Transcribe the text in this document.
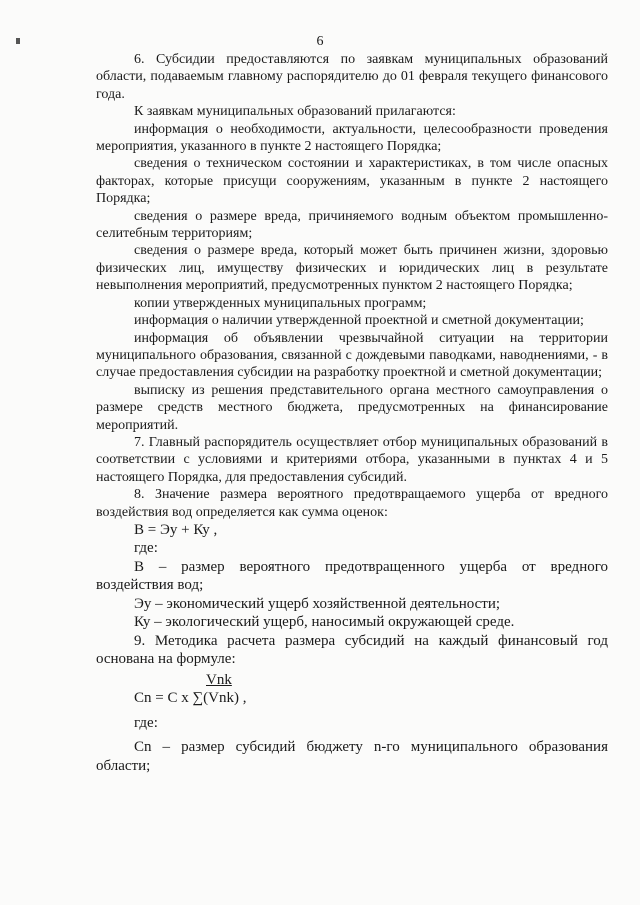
6

6. Субсидии предоставляются по заявкам муниципальных образований области, подаваемым главному распорядителю до 01 февраля текущего финансового года.

К заявкам муниципальных образований прилагаются:

информация о необходимости, актуальности, целесообразности проведения мероприятия, указанного в пункте 2 настоящего Порядка;

сведения о техническом состоянии и характеристиках, в том числе опасных факторах, которые присущи сооружениям, указанным в пункте 2 настоящего Порядка;

сведения о размере вреда, причиняемого водным объектом промышленно-селитебным территориям;

сведения о размере вреда, который может быть причинен жизни, здоровью физических лиц, имуществу физических и юридических лиц в результате невыполнения мероприятий, предусмотренных пунктом 2 настоящего Порядка;

копии утвержденных муниципальных программ;

информация о наличии утвержденной проектной и сметной документации;

информация об объявлении чрезвычайной ситуации на территории муниципального образования, связанной с дождевыми паводками, наводнениями, - в случае предоставления субсидии на разработку проектной и сметной документации;

выписку из решения представительного органа местного самоуправления о размере средств местного бюджета, предусмотренных на финансирование мероприятий.

7. Главный распорядитель осуществляет отбор муниципальных образований в соответствии с условиями и критериями отбора, указанными в пунктах 4 и 5 настоящего Порядка, для предоставления субсидий.

8. Значение размера вероятного предотвращаемого ущерба от вредного воздействия вод определяется как сумма оценок:

В = Эу + Ку ,

где:

В – размер вероятного предотвращенного ущерба от вредного воздействия вод;

Эу – экономический ущерб хозяйственной деятельности;

Ку – экологический ущерб, наносимый окружающей среде.

9. Методика расчета размера субсидий на каждый финансовый год основана на формуле:

Vnk

Cn = C x ∑(Vnk) ,

где:

Cn – размер субсидий бюджету n-го муниципального образования области;
